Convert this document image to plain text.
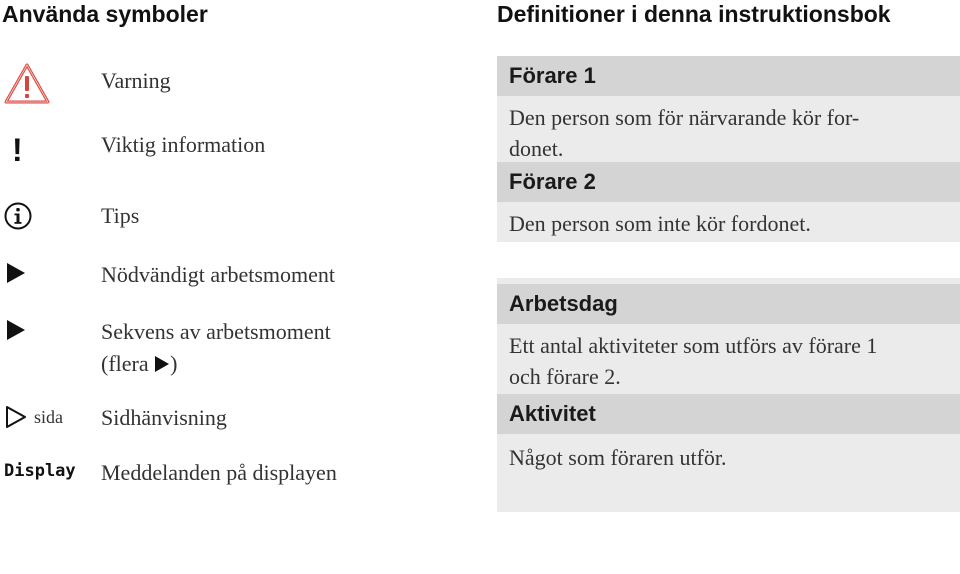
Använda symboler
Varning
!	Viktig information
Tips
Nödvändigt arbetsmoment
Sekvens av arbetsmoment
(flera )
sida Sidhänvisning
Display Meddelanden på displayen
Definitioner i denna instruktionsbok
Förare 1
Den person som för närvarande kör for-
donet.
Förare 2
Den person som inte kör fordonet.
Arbetsdag
Ett antal aktiviteter som utförs av förare 1
och förare 2.
Aktivitet
Något som föraren utför.
